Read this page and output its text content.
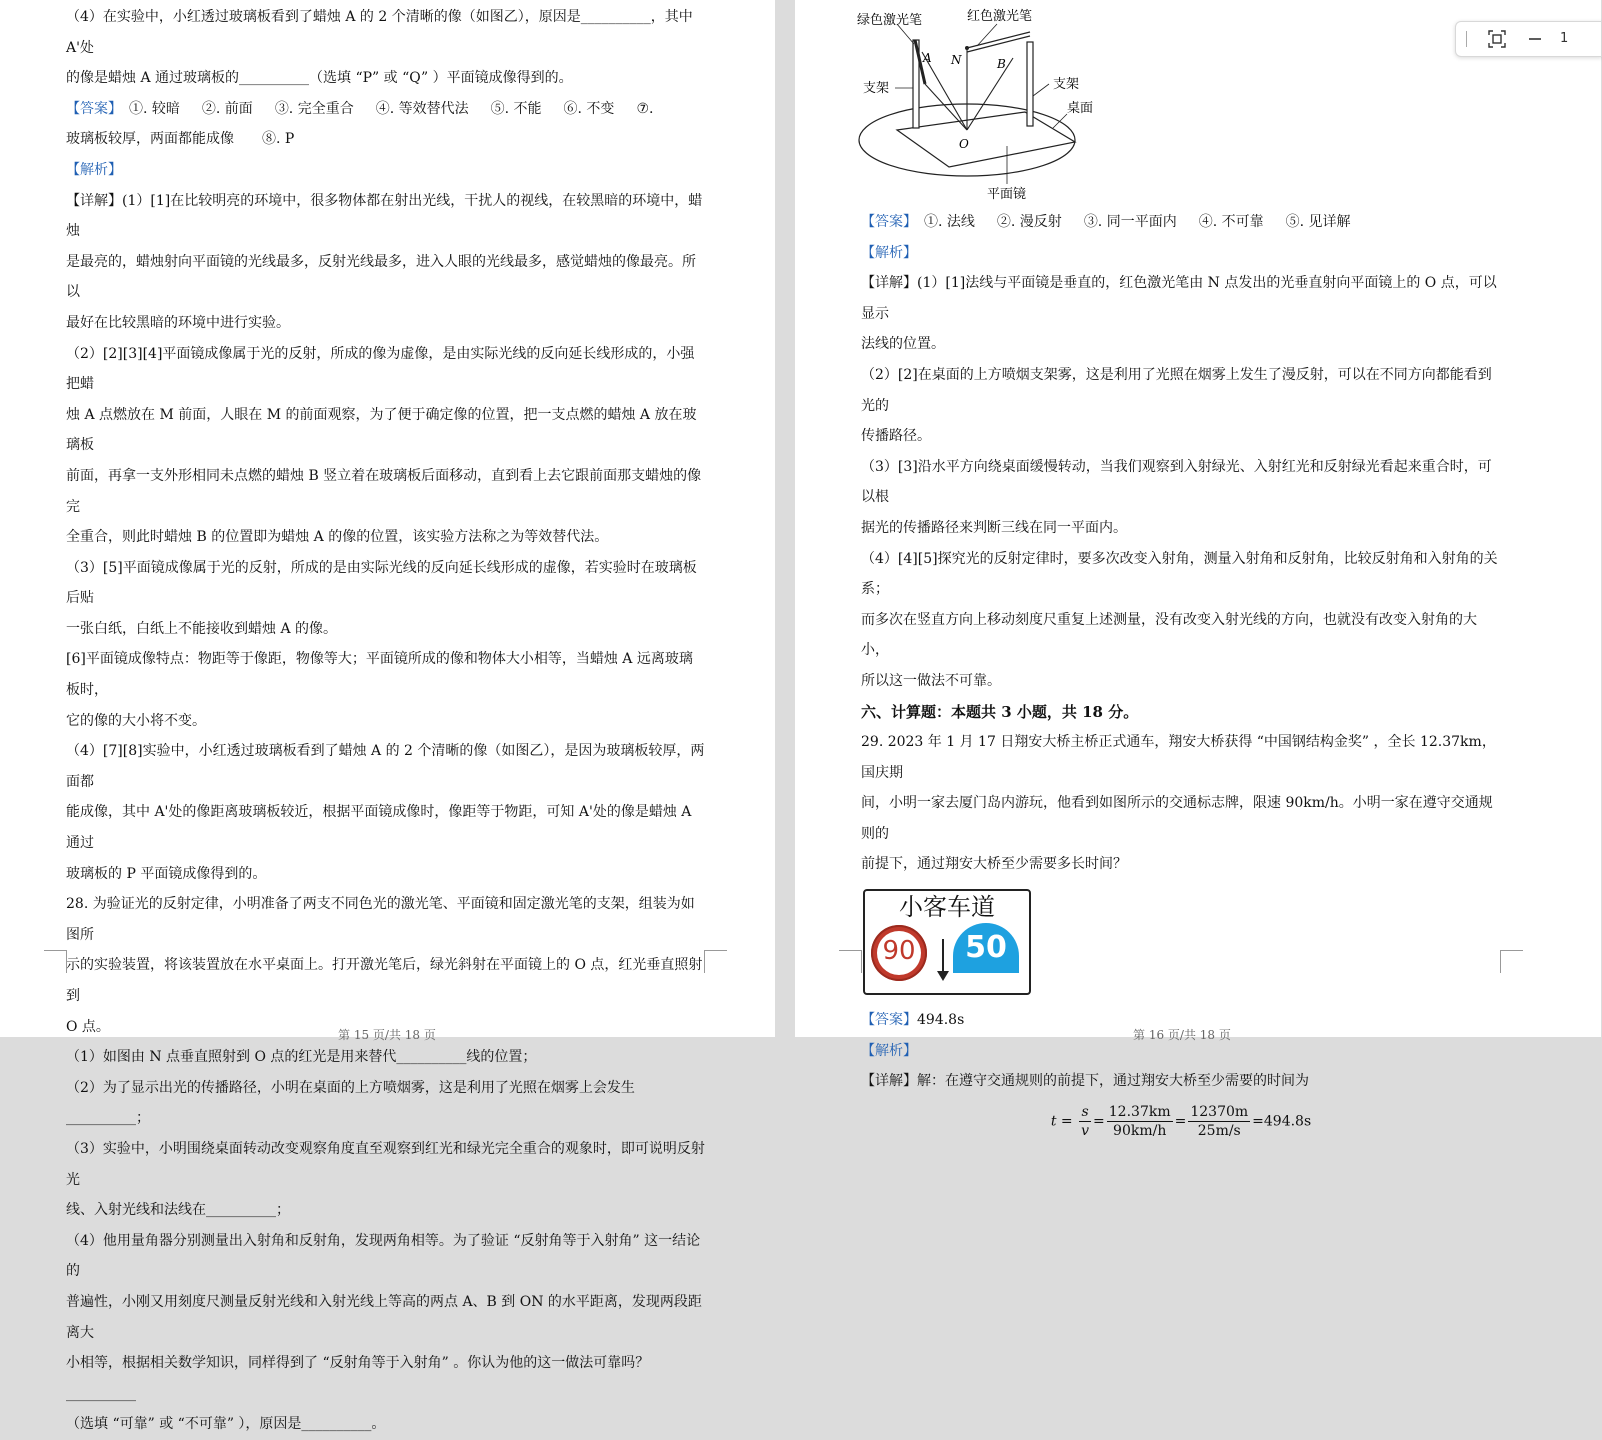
（4）在实验中，小红透过玻璃板看到了蜡烛 A 的 2 个清晰的像（如图乙），原因是__________，其中 A'处

的像是蜡烛 A 通过玻璃板的__________（选填 “P” 或 “Q” ）平面镜成像得到的。

【答案】　 ①. 较暗 ②. 前面 ③. 完全重合 ④. 等效替代法 ⑤. 不能 ⑥. 不变 ⑦.

玻璃板较厚，两面都能成像　　⑧. P

【解析】

【详解】(1）[1]在比较明亮的环境中，很多物体都在射出光线，干扰人的视线，在较黑暗的环境中，蜡烛

是最亮的，蜡烛射向平面镜的光线最多，反射光线最多，进入人眼的光线最多，感觉蜡烛的像最亮。所以

最好在比较黑暗的环境中进行实验。

（2）[2][3][4]平面镜成像属于光的反射，所成的像为虚像，是由实际光线的反向延长线形成的，小强把蜡

烛 A 点燃放在 M 前面，人眼在 M 的前面观察，为了便于确定像的位置，把一支点燃的蜡烛 A 放在玻璃板

前面，再拿一支外形相同未点燃的蜡烛 B 竖立着在玻璃板后面移动，直到看上去它跟前面那支蜡烛的像完

全重合，则此时蜡烛 B 的位置即为蜡烛 A 的像的位置，该实验方法称之为等效替代法。

（3）[5]平面镜成像属于光的反射，所成的是由实际光线的反向延长线形成的虚像，若实验时在玻璃板后贴

一张白纸，白纸上不能接收到蜡烛 A 的像。

[6]平面镜成像特点：物距等于像距，物像等大；平面镜所成的像和物体大小相等，当蜡烛 A 远离玻璃板时，

它的像的大小将不变。

（4）[7][8]实验中，小红透过玻璃板看到了蜡烛 A 的 2 个清晰的像（如图乙），是因为玻璃板较厚，两面都

能成像，其中 A'处的像距离玻璃板较近，根据平面镜成像时，像距等于物距，可知 A'处的像是蜡烛 A 通过

玻璃板的 P 平面镜成像得到的。

28. 为验证光的反射定律，小明准备了两支不同色光的激光笔、平面镜和固定激光笔的支架，组装为如图所

示的实验装置，将该装置放在水平桌面上。打开激光笔后，绿光斜射在平面镜上的 O 点，红光垂直照射到

O 点。

（1）如图由 N 点垂直照射到 O 点的红光是用来替代__________线的位置；

（2）为了显示出光的传播路径，小明在桌面的上方喷烟雾，这是利用了光照在烟雾上会发生__________；

（3）实验中，小明围绕桌面转动改变观察角度直至观察到红光和绿光完全重合的观象时，即可说明反射光

线、入射光线和法线在__________；

（4）他用量角器分别测量出入射角和反射角，发现两角相等。为了验证 “反射角等于入射角” 这一结论的

普遍性，小刚又用刻度尺测量反射光线和入射光线上等高的两点 A、B 到 ON 的水平距离，发现两段距离大

小相等，根据相关数学知识，同样得到了 “反射角等于入射角” 。你认为他的这一做法可靠吗？__________

（选填 “可靠” 或 “不可靠” ），原因是__________。

第 15 页/共 18 页
绿色激光笔	红色激光笔
支架	支架
桌面
平面镜
A N	B
O

【答案】　 ①. 法线 ②. 漫反射 ③. 同一平面内 ④. 不可靠 ⑤. 见详解

【解析】

【详解】(1）[1]法线与平面镜是垂直的，红色激光笔由 N 点发出的光垂直射向平面镜上的 O 点，可以显示

法线的位置。

（2）[2]在桌面的上方喷烟支架雾，这是利用了光照在烟雾上发生了漫反射，可以在不同方向都能看到光的

传播路径。

（3）[3]沿水平方向绕桌面缓慢转动，当我们观察到入射绿光、入射红光和反射绿光看起来重合时，可以根

据光的传播路径来判断三线在同一平面内。

（4）[4][5]探究光的反射定律时，要多次改变入射角，测量入射角和反射角，比较反射角和入射角的关系；

而多次在竖直方向上移动刻度尺重复上述测量，没有改变入射光线的方向，也就没有改变入射角的大小，

所以这一做法不可靠。

六、计算题：本题共 3 小题，共 18 分。

29. 2023 年 1 月 17 日翔安大桥主桥正式通车，翔安大桥获得 “中国钢结构金奖” ，全长 12.37km，国庆期

间，小明一家去厦门岛内游玩，他看到如图所示的交通标志牌，限速 90km/h。小明一家在遵守交通规则的

前提下，通过翔安大桥至少需要多长时间？

小客车道
90	50

【答案】494.8s

【解析】

【详解】解：在遵守交通规则的前提下，通过翔安大桥至少需要的时间为

$t = \frac{s}{v} = \frac{12.37km}{90km/h} = \frac{12370m}{25m/s} =494.8s$
第 16 页/共 18 页
1
